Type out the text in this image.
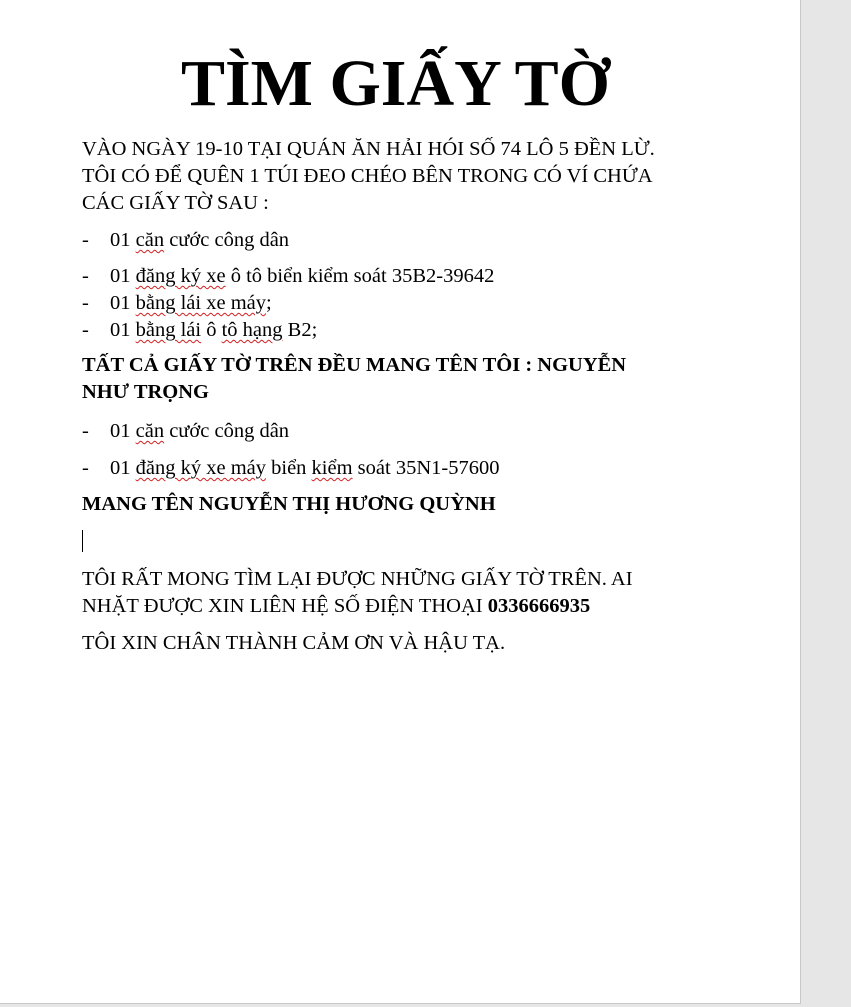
TÌM GIẤY TỜ
VÀO NGÀY 19-10 TẠI QUÁN ĂN HẢI HÓI SỐ 74 LÔ 5 ĐỀN LỪ.
TÔI CÓ ĐỂ QUÊN 1 TÚI ĐEO CHÉO BÊN TRONG CÓ VÍ CHỨA
CÁC GIẤY TỜ SAU :
- 01 căn cước công dân
- 01 đăng ký xe ô tô biển kiểm soát 35B2-39642
- 01 bằng lái xe máy;
- 01 bằng lái ô tô hạng B2;
TẤT CẢ GIẤY TỜ TRÊN ĐỀU MANG TÊN TÔI : NGUYỄN
NHƯ TRỌNG
- 01 căn cước công dân
- 01 đăng ký xe máy biển kiểm soát 35N1-57600
MANG TÊN NGUYỄN THỊ HƯƠNG QUỲNH
TÔI RẤT MONG TÌM LẠI ĐƯỢC NHỮNG GIẤY TỜ TRÊN. AI
NHẶT ĐƯỢC XIN LIÊN HỆ SỐ ĐIỆN THOẠI 0336666935
TÔI XIN CHÂN THÀNH CẢM ƠN VÀ HẬU TẠ.
